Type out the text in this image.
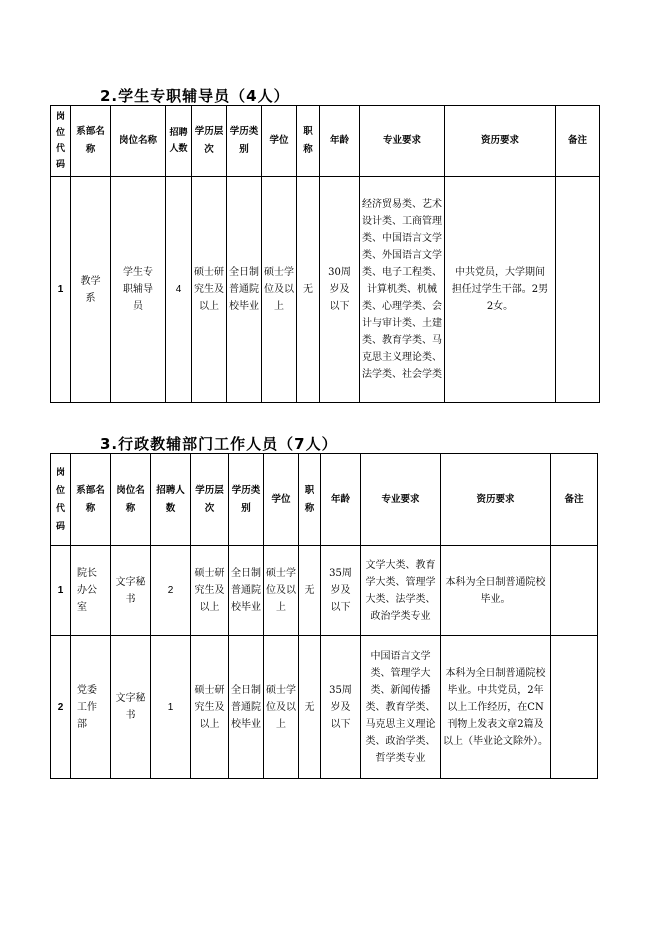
2.学生专职辅导员（4人）
岗位代码	系部名称	岗位名称	招聘人数	学历层次	学历类别	学位	职称	年龄	专业要求	资历要求	备注
1	教学系	学生专职辅导员	4	硕士研究生及以上	全日制普通院校毕业	硕士学位及以上	无	30周岁及以下	经济贸易类、艺术设计类、工商管理类、中国语言文学类、外国语言文学类、电子工程类、计算机类、机械类、心理学类、会计与审计类、土建类、教育学类、马克思主义理论类、法学类、社会学类	中共党员，大学期间担任过学生干部。2男2女。	
3.行政教辅部门工作人员（7人）
岗位代码	系部名称	岗位名称	招聘人数	学历层次	学历类别	学位	职称	年龄	专业要求	资历要求	备注
1	院长办公室	文字秘书	2	硕士研究生及以上	全日制普通院校毕业	硕士学位及以上	无	35周岁及以下	文学大类、教育学大类、管理学大类、法学类、政治学类专业	本科为全日制普通院校毕业。	
2	党委工作部	文字秘书	1	硕士研究生及以上	全日制普通院校毕业	硕士学位及以上	无	35周岁及以下	中国语言文学类、管理学大类、新闻传播类、教育学类、马克思主义理论类、政治学类、哲学类专业	本科为全日制普通院校毕业。中共党员，2年以上工作经历，在CN刊物上发表文章2篇及以上（毕业论文除外）。	
